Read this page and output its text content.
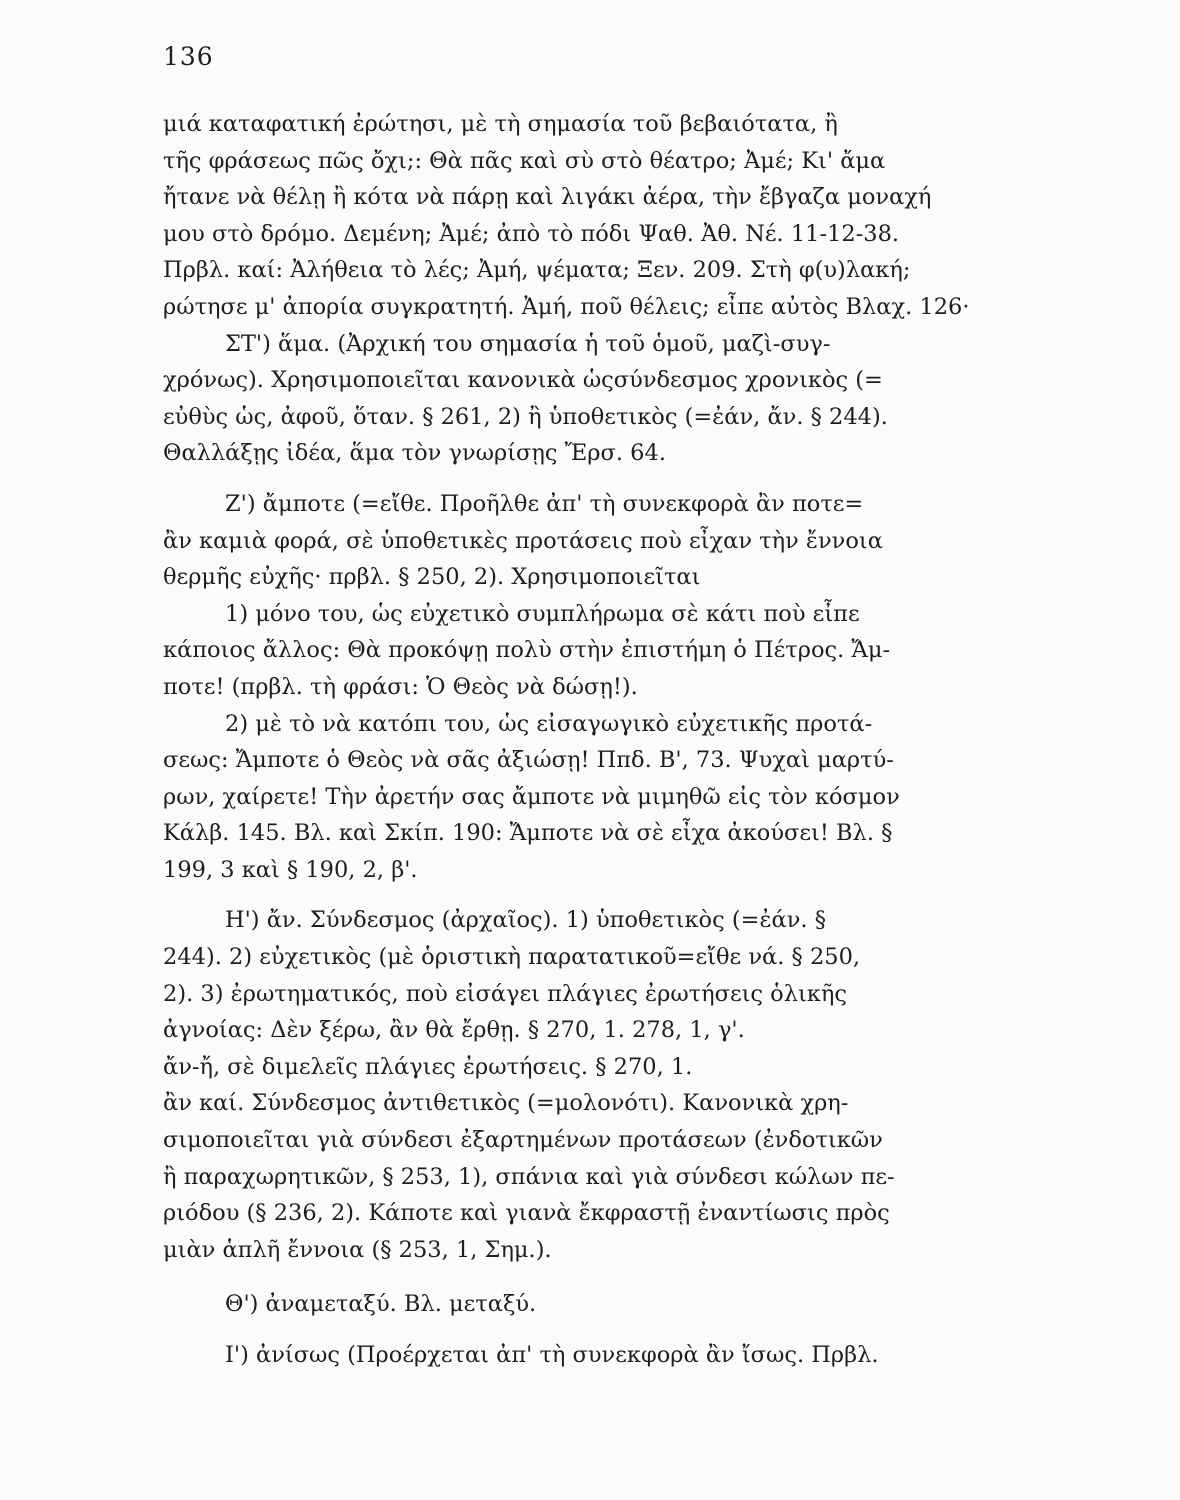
136
μιά καταφατική ἐρώτησι, μὲ τὴ σημασία τοῦ βεβαιότατα, ἢ
τῆς φράσεως πῶς ὄχι;: Θὰ πᾶς καὶ σὺ στὸ θέατρο; Ἀμέ; Κι' ἄμα
ἤτανε νὰ θέλῃ ἢ κότα νὰ πάρῃ καὶ λιγάκι ἀέρα, τὴν ἔβγαζα μοναχή
μου στὸ δρόμο. Δεμένη; Ἀμέ; ἀπὸ τὸ πόδι Ψαθ. Ἀθ. Νέ. 11-12-38.
Πρβλ. καί: Ἀλήθεια τὸ λές; Ἀμή, ψέματα; Ξεν. 209. Στὴ φ(υ)λακή;
ρώτησε μ' ἀπορία συγκρατητή. Ἀμή, ποῦ θέλεις; εἶπε αὐτὸς Βλαχ. 126·
ΣΤ') ἅμα. (Ἀρχική του σημασία ἡ τοῦ ὁμοῦ, μαζὶ-συγ-
χρόνως). Χρησιμοποιεῖται κανονικὰ ὡςσύνδεσμος χρονικὸς (=
εὐθὺς ὡς, ἀφοῦ, ὅταν. § 261, 2) ἢ ὑποθετικὸς (=ἐάν, ἄν. § 244).
Θαλλάξῃς ἰδέα, ἅμα τὸν γνωρίσῃς Ἔρσ. 64.
Ζ') ἄμποτε (=εἴθε. Προῆλθε ἀπ' τὴ συνεκφορὰ ἂν ποτε=
ἂν καμιὰ φορά, σὲ ὑποθετικὲς προτάσεις ποὺ εἶχαν τὴν ἔννοια
θερμῆς εὐχῆς· πρβλ. § 250, 2). Χρησιμοποιεῖται
1) μόνο του, ὡς εὐχετικὸ συμπλήρωμα σὲ κάτι ποὺ εἶπε
κάποιος ἄλλος: Θὰ προκόψῃ πολὺ στὴν ἐπιστήμη ὁ Πέτρος. Ἄμ-
ποτε! (πρβλ. τὴ φράσι: Ὁ Θεὸς νὰ δώσῃ!).
2) μὲ τὸ νὰ κατόπι του, ὡς εἰσαγωγικὸ εὐχετικῆς προτά-
σεως: Ἄμποτε ὁ Θεὸς νὰ σᾶς ἀξιώσῃ! Ππδ. Β', 73. Ψυχαὶ μαρτύ-
ρων, χαίρετε! Τὴν ἀρετήν σας ἄμποτε νὰ μιμηθῶ εἰς τὸν κόσμον
Κάλβ. 145. Βλ. καὶ Σκίπ. 190: Ἄμποτε νὰ σὲ εἶχα ἀκούσει! Βλ. §
199, 3 καὶ § 190, 2, β'.
Η') ἄν. Σύνδεσμος (ἀρχαῖος). 1) ὑποθετικὸς (=ἐάν. §
244). 2) εὐχετικὸς (μὲ ὁριστικὴ παρατατικοῦ=εἴθε νά. § 250,
2). 3) ἐρωτηματικός, ποὺ εἰσάγει πλάγιες ἐρωτήσεις ὁλικῆς
ἀγνοίας: Δὲν ξέρω, ἂν θὰ ἔρθῃ. § 270, 1. 278, 1, γ'.
ἄν-ἤ, σὲ διμελεῖς πλάγιες ἐρωτήσεις. § 270, 1.
ἂν καί. Σύνδεσμος ἀντιθετικὸς (=μολονότι). Κανονικὰ χρη-
σιμοποιεῖται γιὰ σύνδεσι ἐξαρτημένων προτάσεων (ἐνδοτικῶν
ἢ παραχωρητικῶν, § 253, 1), σπάνια καὶ γιὰ σύνδεσι κώλων πε-
ριόδου (§ 236, 2). Κάποτε καὶ γιανὰ ἔκφραστῇ ἐναντίωσις πρὸς
μιὰν ἁπλῆ ἔννοια (§ 253, 1, Σημ.).
Θ') ἀναμεταξύ. Βλ. μεταξύ.
Ι') ἀνίσως (Προέρχεται ἀπ' τὴ συνεκφορὰ ἂν ἴσως. Πρβλ.
